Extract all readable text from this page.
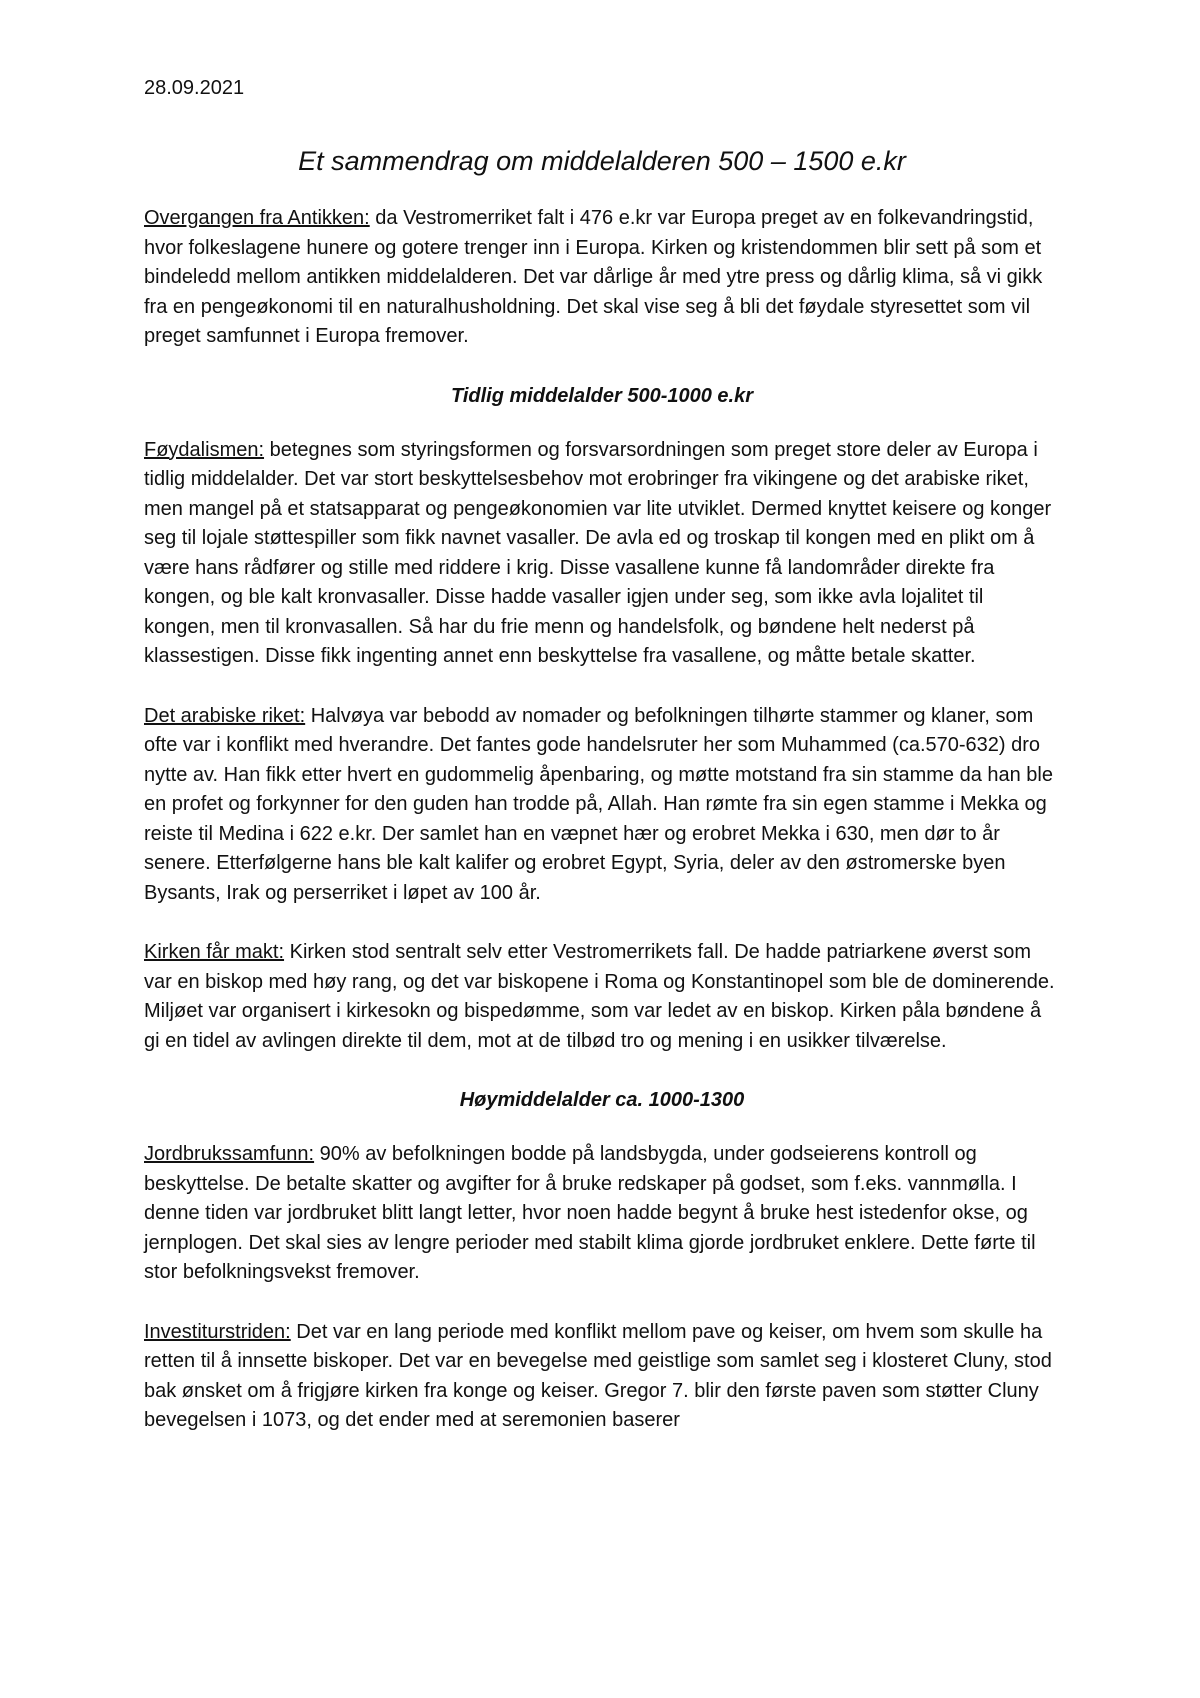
28.09.2021
Et sammendrag om middelalderen 500 – 1500 e.kr

Overgangen fra Antikken: da Vestromerriket falt i 476 e.kr var Europa preget av en folkevandringstid, hvor folkeslagene hunere og gotere trenger inn i Europa. Kirken og kristendommen blir sett på som et bindeledd mellom antikken middelalderen. Det var dårlige år med ytre press og dårlig klima, så vi gikk fra en pengeøkonomi til en naturalhusholdning. Det skal vise seg å bli det føydale styresettet som vil preget samfunnet i Europa fremover.

Tidlig middelalder 500-1000 e.kr

Føydalismen: betegnes som styringsformen og forsvarsordningen som preget store deler av Europa i tidlig middelalder. Det var stort beskyttelsesbehov mot erobringer fra vikingene og det arabiske riket, men mangel på et statsapparat og pengeøkonomien var lite utviklet. Dermed knyttet keisere og konger seg til lojale støttespiller som fikk navnet vasaller. De avla ed og troskap til kongen med en plikt om å være hans rådfører og stille med riddere i krig. Disse vasallene kunne få landområder direkte fra kongen, og ble kalt kronvasaller. Disse hadde vasaller igjen under seg, som ikke avla lojalitet til kongen, men til kronvasallen. Så har du frie menn og handelsfolk, og bøndene helt nederst på klassestigen. Disse fikk ingenting annet enn beskyttelse fra vasallene, og måtte betale skatter.

Det arabiske riket: Halvøya var bebodd av nomader og befolkningen tilhørte stammer og klaner, som ofte var i konflikt med hverandre. Det fantes gode handelsruter her som Muhammed (ca.570-632) dro nytte av. Han fikk etter hvert en gudommelig åpenbaring, og møtte motstand fra sin stamme da han ble en profet og forkynner for den guden han trodde på, Allah. Han rømte fra sin egen stamme i Mekka og reiste til Medina i 622 e.kr. Der samlet han en væpnet hær og erobret Mekka i 630, men dør to år senere. Etterfølgerne hans ble kalt kalifer og erobret Egypt, Syria, deler av den østromerske byen Bysants, Irak og perserriket i løpet av 100 år.

Kirken får makt: Kirken stod sentralt selv etter Vestromerrikets fall. De hadde patriarkene øverst som var en biskop med høy rang, og det var biskopene i Roma og Konstantinopel som ble de dominerende. Miljøet var organisert i kirkesokn og bispedømme, som var ledet av en biskop. Kirken påla bøndene å gi en tidel av avlingen direkte til dem, mot at de tilbød tro og mening i en usikker tilværelse.

Høymiddelalder ca. 1000-1300

Jordbrukssamfunn: 90% av befolkningen bodde på landsbygda, under godseierens kontroll og beskyttelse. De betalte skatter og avgifter for å bruke redskaper på godset, som f.eks. vannmølla. I denne tiden var jordbruket blitt langt letter, hvor noen hadde begynt å bruke hest istedenfor okse, og jernplogen. Det skal sies av lengre perioder med stabilt klima gjorde jordbruket enklere. Dette førte til stor befolkningsvekst fremover.

Investiturstriden: Det var en lang periode med konflikt mellom pave og keiser, om hvem som skulle ha retten til å innsette biskoper. Det var en bevegelse med geistlige som samlet seg i klosteret Cluny, stod bak ønsket om å frigjøre kirken fra konge og keiser. Gregor 7. blir den første paven som støtter Cluny bevegelsen i 1073, og det ender med at seremonien baserer
